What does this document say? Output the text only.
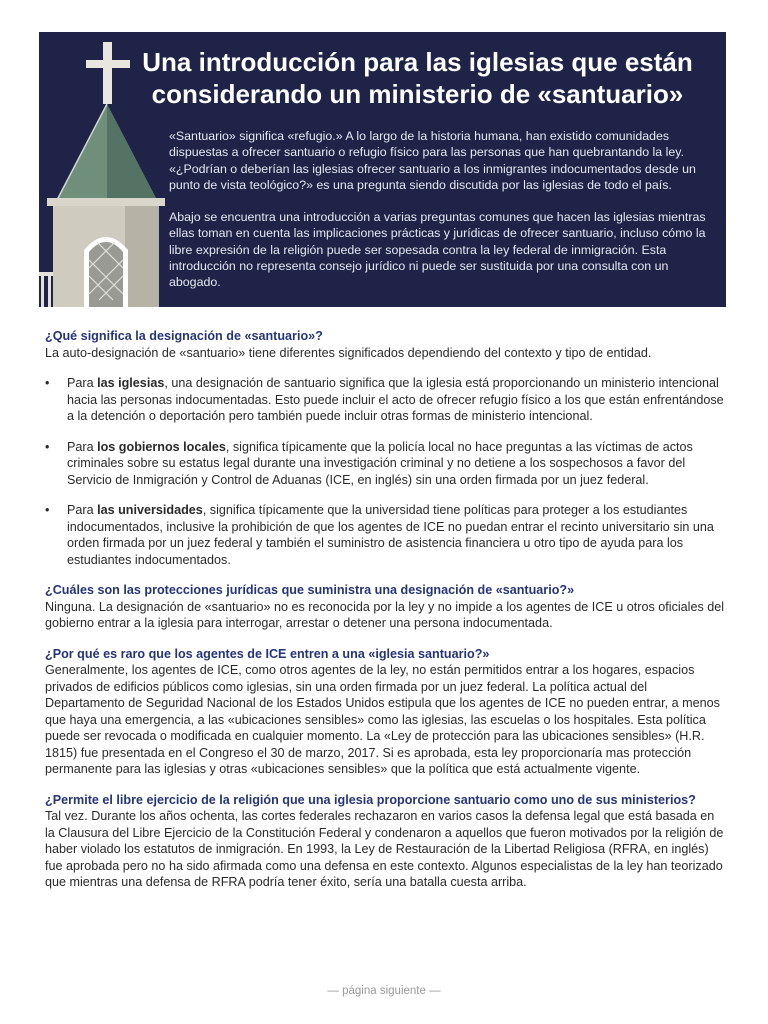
Una introducción para las iglesias que están considerando un ministerio de «santuario»

«Santuario» significa «refugio.» A lo largo de la historia humana, han existido comunidades dispuestas a ofrecer santuario o refugio físico para las personas que han quebrantando la ley. «¿Podrían o deberían las iglesias ofrecer santuario a los inmigrantes indocumentados desde un punto de vista teológico?» es una pregunta siendo discutida por las iglesias de todo el país.

Abajo se encuentra una introducción a varias preguntas comunes que hacen las iglesias mientras ellas toman en cuenta las implicaciones prácticas y jurídicas de ofrecer santuario, incluso cómo la libre expresión de la religión puede ser sopesada contra la ley federal de inmigración. Esta introducción no representa consejo jurídico ni puede ser sustituida por una consulta con un abogado.

¿Qué significa la designación de «santuario»?

La auto-designación de «santuario» tiene diferentes significados dependiendo del contexto y tipo de entidad.

• Para las iglesias, una designación de santuario significa que la iglesia está proporcionando un ministerio intencional hacia las personas indocumentadas. Esto puede incluir el acto de ofrecer refugio físico a los que están enfrentándose a la detención o deportación pero también puede incluir otras formas de ministerio intencional.
• Para los gobiernos locales, significa típicamente que la policía local no hace preguntas a las víctimas de actos criminales sobre su estatus legal durante una investigación criminal y no detiene a los sospechosos a favor del Servicio de Inmigración y Control de Aduanas (ICE, en inglés) sin una orden firmada por un juez federal.
• Para las universidades, significa típicamente que la universidad tiene políticas para proteger a los estudiantes indocumentados, inclusive la prohibición de que los agentes de ICE no puedan entrar el recinto universitario sin una orden firmada por un juez federal y también el suministro de asistencia financiera u otro tipo de ayuda para los estudiantes indocumentados.

¿Cuáles son las protecciones jurídicas que suministra una designación de «santuario?»

Ninguna. La designación de «santuario» no es reconocida por la ley y no impide a los agentes de ICE u otros oficiales del gobierno entrar a la iglesia para interrogar, arrestar o detener una persona indocumentada.

¿Por qué es raro que los agentes de ICE entren a una «iglesia santuario?»

Generalmente, los agentes de ICE, como otros agentes de la ley, no están permitidos entrar a los hogares, espacios privados de edificios públicos como iglesias, sin una orden firmada por un juez federal. La política actual del Departamento de Seguridad Nacional de los Estados Unidos estipula que los agentes de ICE no pueden entrar, a menos que haya una emergencia, a las «ubicaciones sensibles» como las iglesias, las escuelas o los hospitales. Esta política puede ser revocada o modificada en cualquier momento. La «Ley de protección para las ubicaciones sensibles» (H.R. 1815) fue presentada en el Congreso el 30 de marzo, 2017. Si es aprobada, esta ley proporcionaría mas protección permanente para las iglesias y otras «ubicaciones sensibles» que la política que está actualmente vigente.

¿Permite el libre ejercicio de la religión que una iglesia proporcione santuario como uno de sus ministerios?

Tal vez. Durante los años ochenta, las cortes federales rechazaron en varios casos la defensa legal que está basada en la Clausura del Libre Ejercicio de la Constitución Federal y condenaron a aquellos que fueron motivados por la religión de haber violado los estatutos de inmigración. En 1993, la Ley de Restauración de la Libertad Religiosa (RFRA, en inglés) fue aprobada pero no ha sido afirmada como una defensa en este contexto. Algunos especialistas de la ley han teorizado que mientras una defensa de RFRA podría tener éxito, sería una batalla cuesta arriba.

— página siguiente —
